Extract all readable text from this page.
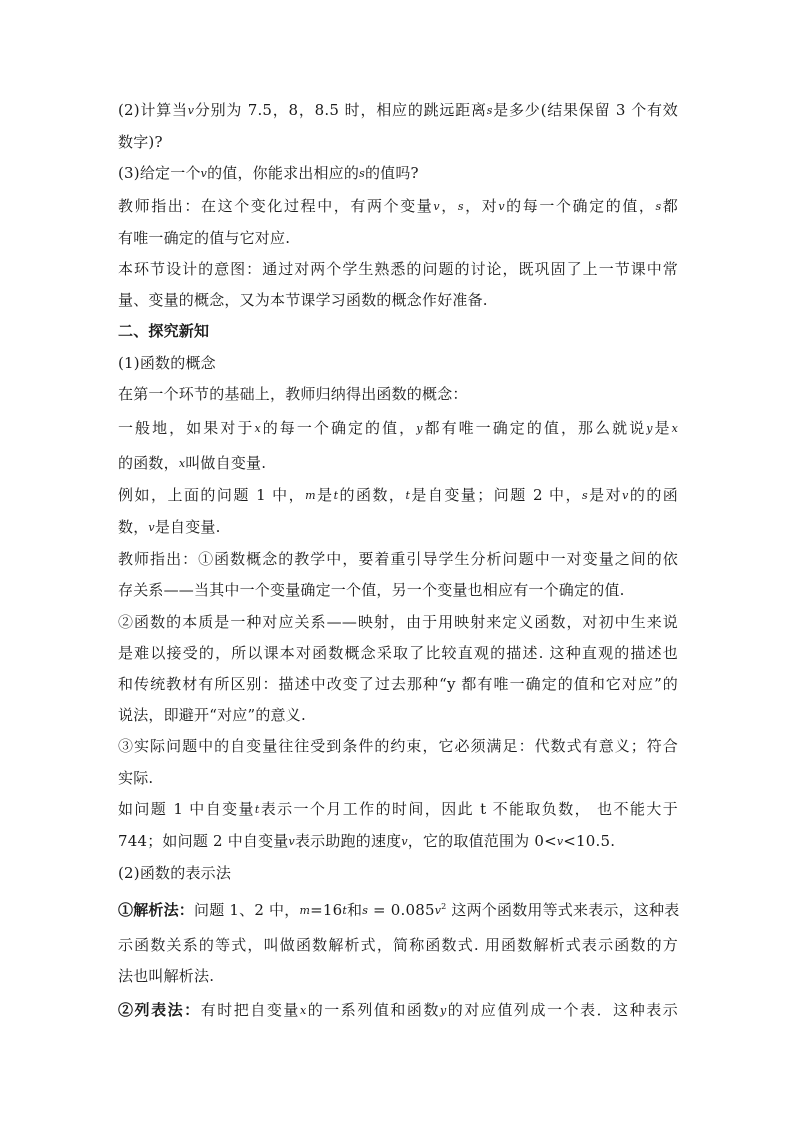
(2)计算当v分别为 7.5，8，8.5 时，相应的跳远距离s是多少(结果保留 3 个有效
数字)?
(3)给定一个v的值，你能求出相应的s的值吗?
教师指出：在这个变化过程中，有两个变量v，s，对v的每一个确定的值，s都
有唯一确定的值与它对应.
本环节设计的意图：通过对两个学生熟悉的问题的讨论，既巩固了上一节课中常
量、变量的概念，又为本节课学习函数的概念作好准备.
二、探究新知
(1)函数的概念
在第一个环节的基础上，教师归纳得出函数的概念：
一般地，如果对于x的每一个确定的值，y都有唯一确定的值，那么就说y是x
的函数，x叫做自变量.
例如，上面的问题 1 中，m是t的函数，t是自变量；问题 2 中，s是对v的的函
数，v是自变量.
教师指出：①函数概念的教学中，要着重引导学生分析问题中一对变量之间的依
存关系——当其中一个变量确定一个值，另一个变量也相应有一个确定的值.
②函数的本质是一种对应关系——映射，由于用映射来定义函数，对初中生来说
是难以接受的，所以课本对函数概念采取了比较直观的描述. 这种直观的描述也
和传统教材有所区别：描述中改变了过去那种“y 都有唯一确定的值和它对应”的
说法，即避开“对应”的意义.
③实际问题中的自变量往往受到条件的约束，它必须满足：代数式有意义；符合
实际.
如问题 1 中自变量t表示一个月工作的时间，因此 t 不能取负数， 也不能大于
744；如问题 2 中自变量v表示助跑的速度v，它的取值范围为 0<v<10.5.
(2)函数的表示法
①解析法：问题 1、2 中，m=16t和$s = 0.085v^2$ 这两个函数用等式来表示，这种表
示函数关系的等式，叫做函数解析式，简称函数式. 用函数解析式表示函数的方
法也叫解析法.
②列表法：有时把自变量x的一系列值和函数y的对应值列成一个表．这种表示
